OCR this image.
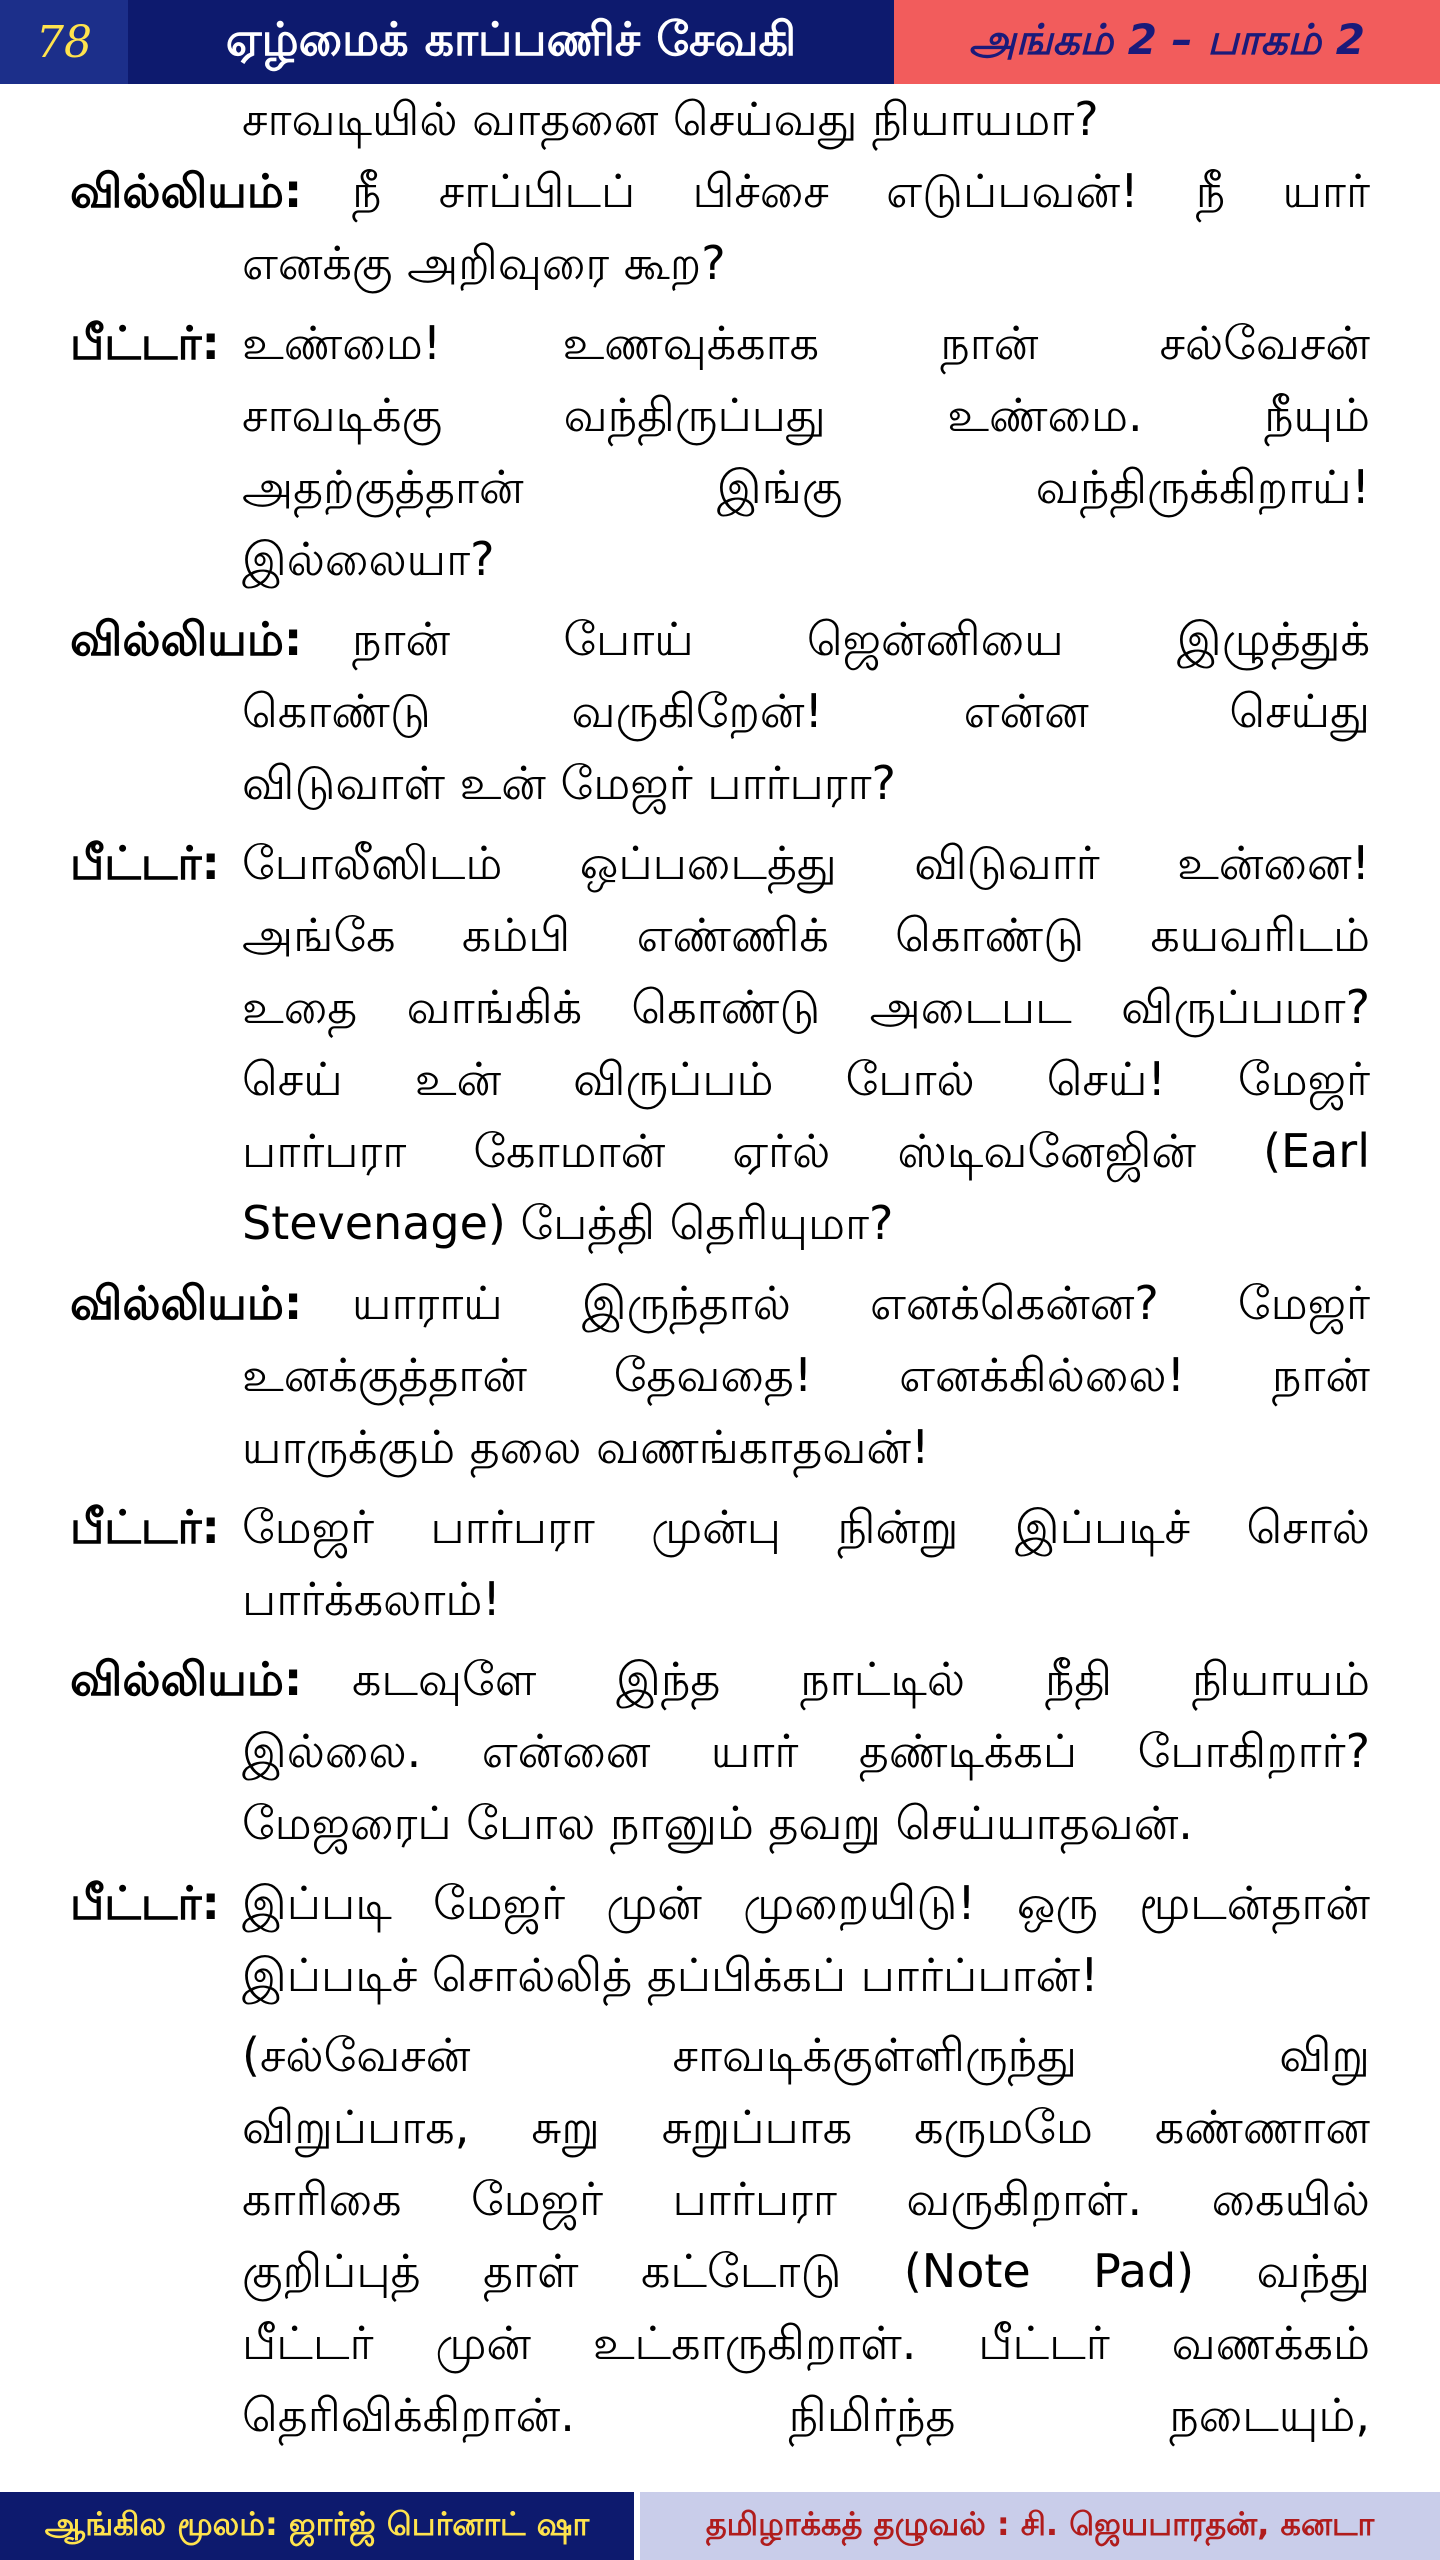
78	ஏழ்மைக் காப்பணிச் சேவகி	அங்கம் 2 – பாகம் 2
சாவடியில் வாதனை செய்வது நியாயமா?
வில்லியம்: நீ சாப்பிடப் பிச்சை எடுப்பவன்! நீ யார்
எனக்கு அறிவுரை கூற?
பீட்டர்: உண்மை! உணவுக்காக நான் சல்வேசன்
சாவடிக்கு வந்திருப்பது உண்மை. நீயும்
அதற்குத்தான் இங்கு வந்திருக்கிறாய்!
இல்லையா?
வில்லியம்: நான் போய் ஜென்னியை இழுத்துக்
கொண்டு வருகிறேன்! என்ன செய்து
விடுவாள் உன் மேஜர் பார்பரா?
பீட்டர்: போலீஸிடம் ஒப்படைத்து விடுவார் உன்னை!
அங்கே கம்பி எண்ணிக் கொண்டு கயவரிடம்
உதை வாங்கிக் கொண்டு அடைபட விருப்பமா?
செய் உன் விருப்பம் போல் செய்! மேஜர்
பார்பரா கோமான் ஏர்ல் ஸ்டிவனேஜின் (Earl
Stevenage) பேத்தி தெரியுமா?
வில்லியம்: யாராய் இருந்தால் எனக்கென்ன? மேஜர்
உனக்குத்தான் தேவதை! எனக்கில்லை! நான்
யாருக்கும் தலை வணங்காதவன்!
பீட்டர்: மேஜர் பார்பரா முன்பு நின்று இப்படிச் சொல்
பார்க்கலாம்!
வில்லியம்: கடவுளே இந்த நாட்டில் நீதி நியாயம்
இல்லை. என்னை யார் தண்டிக்கப் போகிறார்?
மேஜரைப் போல நானும் தவறு செய்யாதவன்.
பீட்டர்: இப்படி மேஜர் முன் முறையிடு! ஒரு மூடன்தான்
இப்படிச் சொல்லித் தப்பிக்கப் பார்ப்பான்!
(சல்வேசன் சாவடிக்குள்ளிருந்து விறு
விறுப்பாக, சுறு சுறுப்பாக கருமமே கண்ணான
காரிகை மேஜர் பார்பரா வருகிறாள். கையில்
குறிப்புத் தாள் கட்டோடு (Note Pad) வந்து
பீட்டர் முன் உட்காருகிறாள். பீட்டர் வணக்கம்
தெரிவிக்கிறான். நிமிர்ந்த நடையும்,
ஆங்கில மூலம்: ஜார்ஜ் பெர்னாட் ஷா	தமிழாக்கத் தழுவல் : சி. ஜெயபாரதன், கனடா
